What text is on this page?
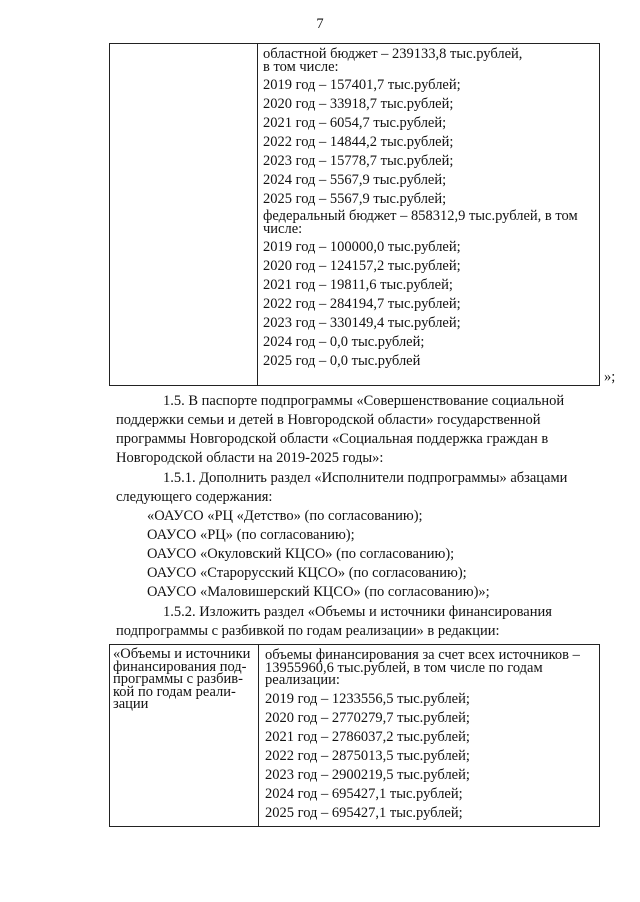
7
областной бюджет – 239133,8 тыс.рублей,
в том числе:
2019 год – 157401,7 тыс.рублей;
2020 год – 33918,7 тыс.рублей;
2021 год – 6054,7 тыс.рублей;
2022 год – 14844,2 тыс.рублей;
2023 год – 15778,7 тыс.рублей;
2024 год – 5567,9 тыс.рублей;
2025 год – 5567,9 тыс.рублей;
федеральный бюджет – 858312,9 тыс.рублей, в том
числе:
2019 год – 100000,0 тыс.рублей;
2020 год – 124157,2 тыс.рублей;
2021 год – 19811,6 тыс.рублей;
2022 год – 284194,7 тыс.рублей;
2023 год – 330149,4 тыс.рублей;
2024 год – 0,0 тыс.рублей;
2025 год – 0,0 тыс.рублей
»;
1.5. В паспорте подпрограммы «Совершенствование социальной
поддержки семьи и детей в Новгородской области» государственной
программы Новгородской области «Социальная поддержка граждан в
Новгородской области на 2019-2025 годы»:
1.5.1. Дополнить раздел «Исполнители подпрограммы» абзацами
следующего содержания:
«ОАУСО «РЦ «Детство» (по согласованию);
ОАУСО «РЦ» (по согласованию);
ОАУСО «Окуловский КЦСО» (по согласованию);
ОАУСО «Старорусский КЦСО» (по согласованию);
ОАУСО «Маловишерский КЦСО» (по согласованию)»;
1.5.2. Изложить раздел «Объемы и источники финансирования
подпрограммы с разбивкой по годам реализации» в редакции:
«Объемы и источники
финансирования под-
программы с разбив-
кой по годам реали-
зации
объемы финансирования за счет всех источников –
13955960,6 тыс.рублей, в том числе по годам
реализации:
2019 год – 1233556,5 тыс.рублей;
2020 год – 2770279,7 тыс.рублей;
2021 год – 2786037,2 тыс.рублей;
2022 год – 2875013,5 тыс.рублей;
2023 год – 2900219,5 тыс.рублей;
2024 год – 695427,1 тыс.рублей;
2025 год – 695427,1 тыс.рублей;
